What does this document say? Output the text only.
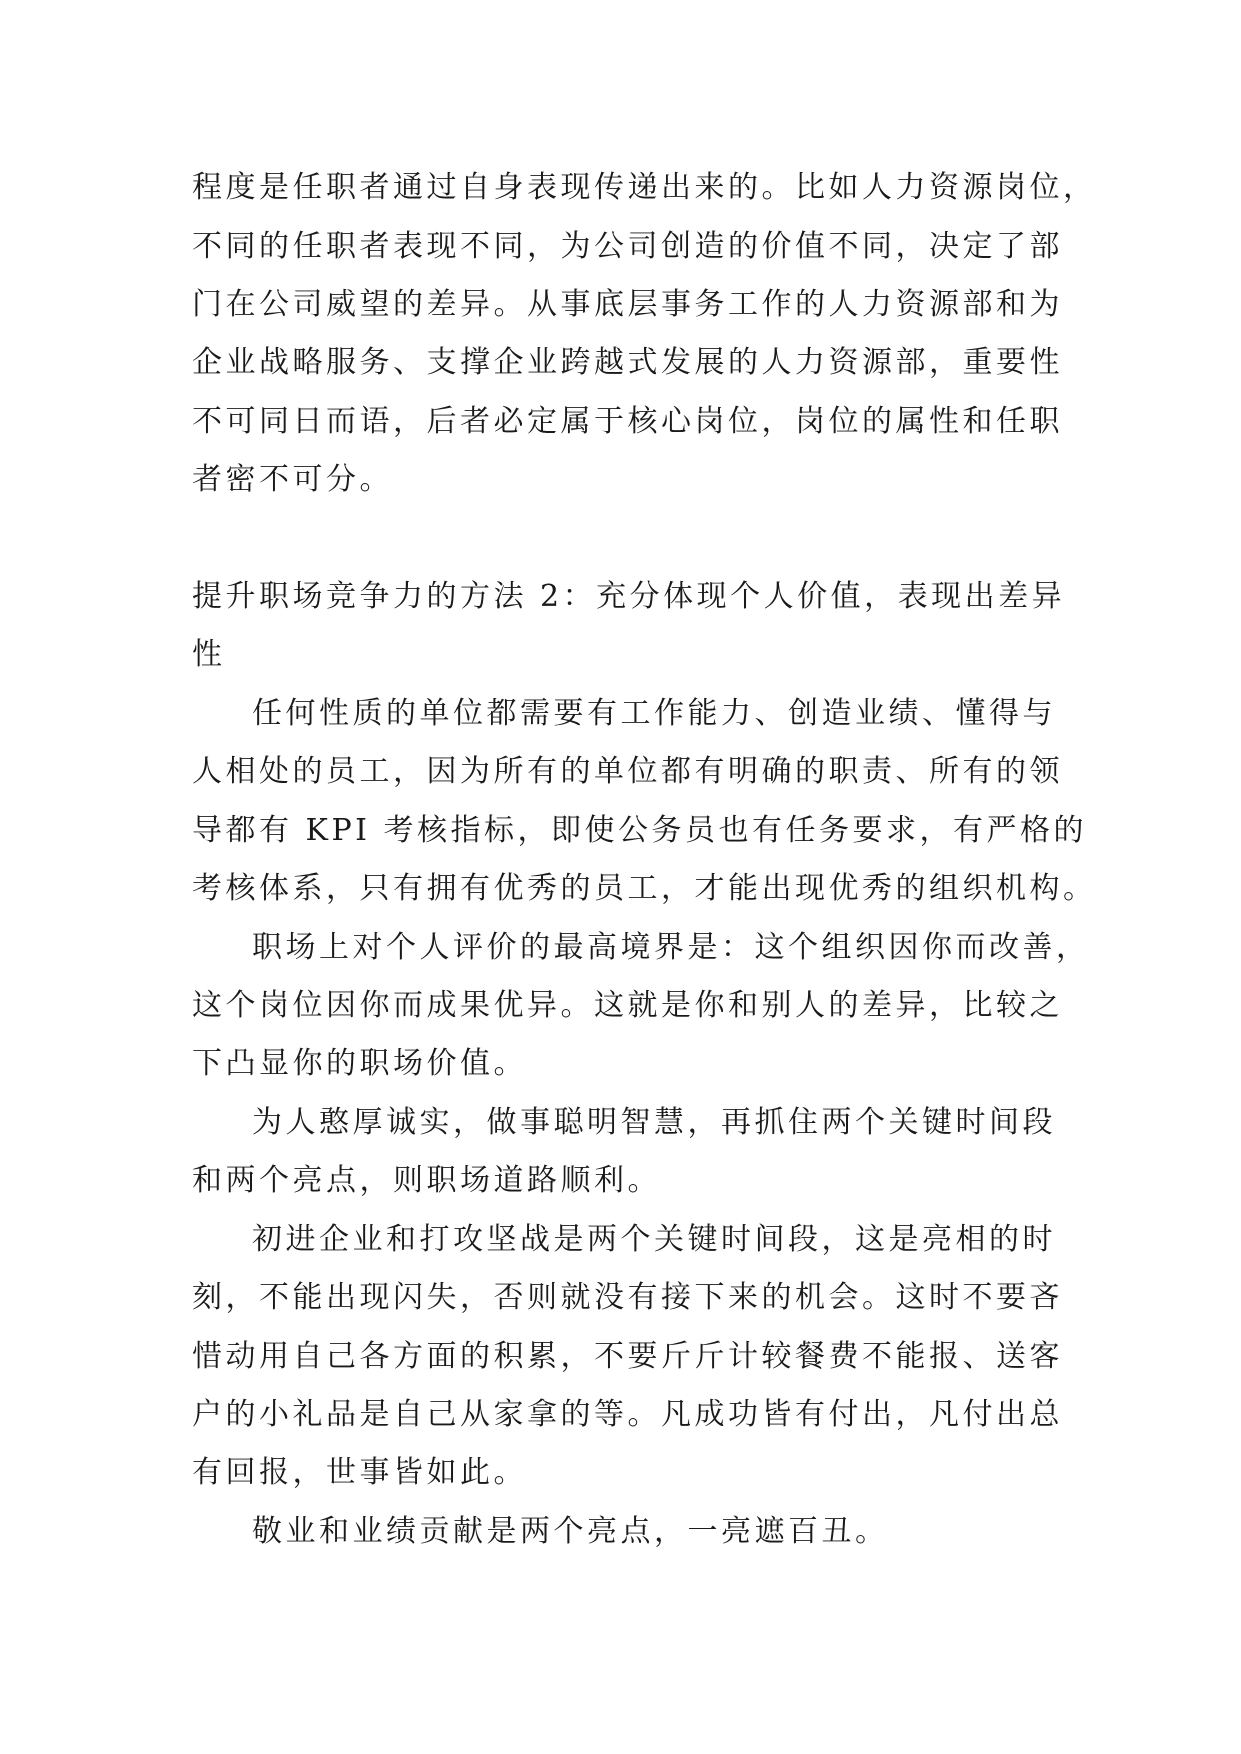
程度是任职者通过自身表现传递出来的。比如人力资源岗位，
不同的任职者表现不同，为公司创造的价值不同，决定了部
门在公司威望的差异。从事底层事务工作的人力资源部和为
企业战略服务、支撑企业跨越式发展的人力资源部，重要性
不可同日而语，后者必定属于核心岗位，岗位的属性和任职
者密不可分。
提升职场竞争力的方法 2：充分体现个人价值，表现出差异
性
任何性质的单位都需要有工作能力、创造业绩、懂得与
人相处的员工，因为所有的单位都有明确的职责、所有的领
导都有 KPI 考核指标，即使公务员也有任务要求，有严格的
考核体系，只有拥有优秀的员工，才能出现优秀的组织机构。
职场上对个人评价的最高境界是：这个组织因你而改善，
这个岗位因你而成果优异。这就是你和别人的差异，比较之
下凸显你的职场价值。
为人憨厚诚实，做事聪明智慧，再抓住两个关键时间段
和两个亮点，则职场道路顺利。
初进企业和打攻坚战是两个关键时间段，这是亮相的时
刻，不能出现闪失，否则就没有接下来的机会。这时不要吝
惜动用自己各方面的积累，不要斤斤计较餐费不能报、送客
户的小礼品是自己从家拿的等。凡成功皆有付出，凡付出总
有回报，世事皆如此。
敬业和业绩贡献是两个亮点，一亮遮百丑。
